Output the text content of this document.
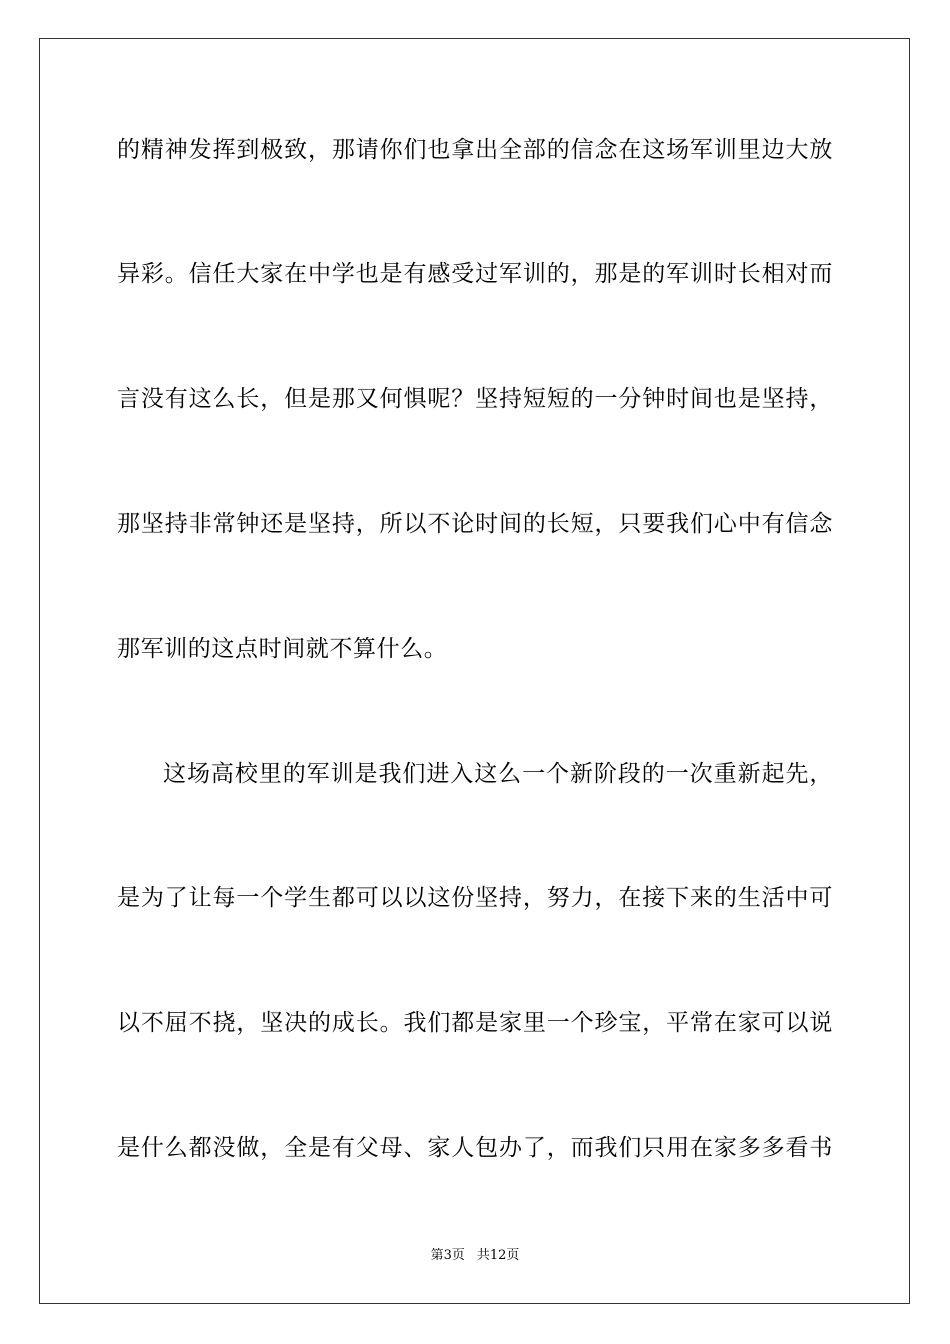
的精神发挥到极致，那请你们也拿出全部的信念在这场军训里边大放
异彩。信任大家在中学也是有感受过军训的，那是的军训时长相对而
言没有这么长，但是那又何惧呢？坚持短短的一分钟时间也是坚持，
那坚持非常钟还是坚持，所以不论时间的长短，只要我们心中有信念
那军训的这点时间就不算什么。
这场高校里的军训是我们进入这么一个新阶段的一次重新起先，
是为了让每一个学生都可以以这份坚持，努力，在接下来的生活中可
以不屈不挠，坚决的成长。我们都是家里一个珍宝，平常在家可以说
是什么都没做，全是有父母、家人包办了，而我们只用在家多多看书
第3页 共12页
